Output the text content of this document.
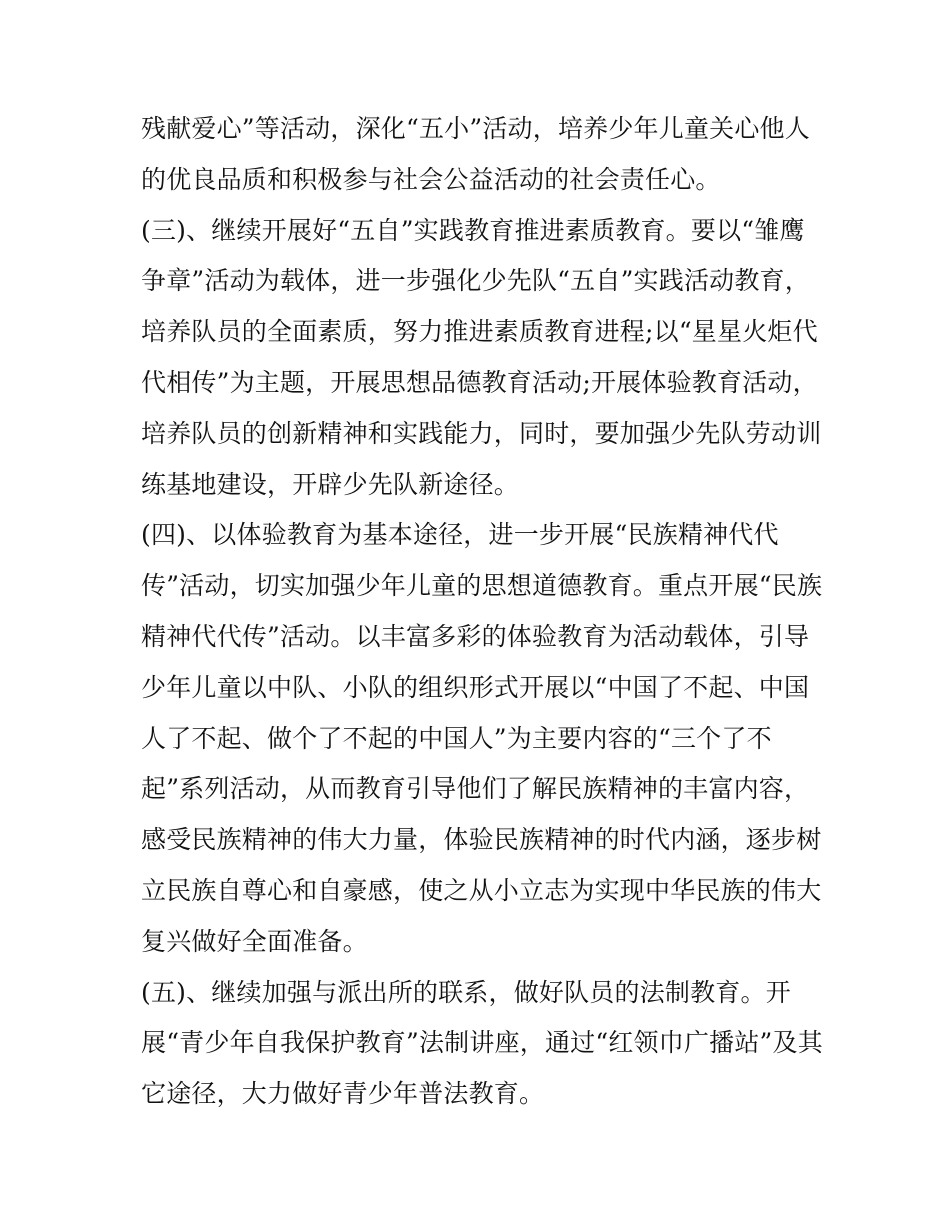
残献爱心”等活动，深化“五小”活动，培养少年儿童关心他人
的优良品质和积极参与社会公益活动的社会责任心。
(三)、继续开展好“五自”实践教育推进素质教育。要以“雏鹰
争章”活动为载体，进一步强化少先队“五自”实践活动教育，
培养队员的全面素质，努力推进素质教育进程;以“星星火炬代
代相传”为主题，开展思想品德教育活动;开展体验教育活动，
培养队员的创新精神和实践能力，同时，要加强少先队劳动训
练基地建设，开辟少先队新途径。
(四)、以体验教育为基本途径，进一步开展“民族精神代代
传”活动，切实加强少年儿童的思想道德教育。重点开展“民族
精神代代传”活动。以丰富多彩的体验教育为活动载体，引导
少年儿童以中队、小队的组织形式开展以“中国了不起、中国
人了不起、做个了不起的中国人”为主要内容的“三个了不
起”系列活动，从而教育引导他们了解民族精神的丰富内容，
感受民族精神的伟大力量，体验民族精神的时代内涵，逐步树
立民族自尊心和自豪感，使之从小立志为实现中华民族的伟大
复兴做好全面准备。
(五)、继续加强与派出所的联系，做好队员的法制教育。开
展“青少年自我保护教育”法制讲座，通过“红领巾广播站”及其
它途径，大力做好青少年普法教育。
